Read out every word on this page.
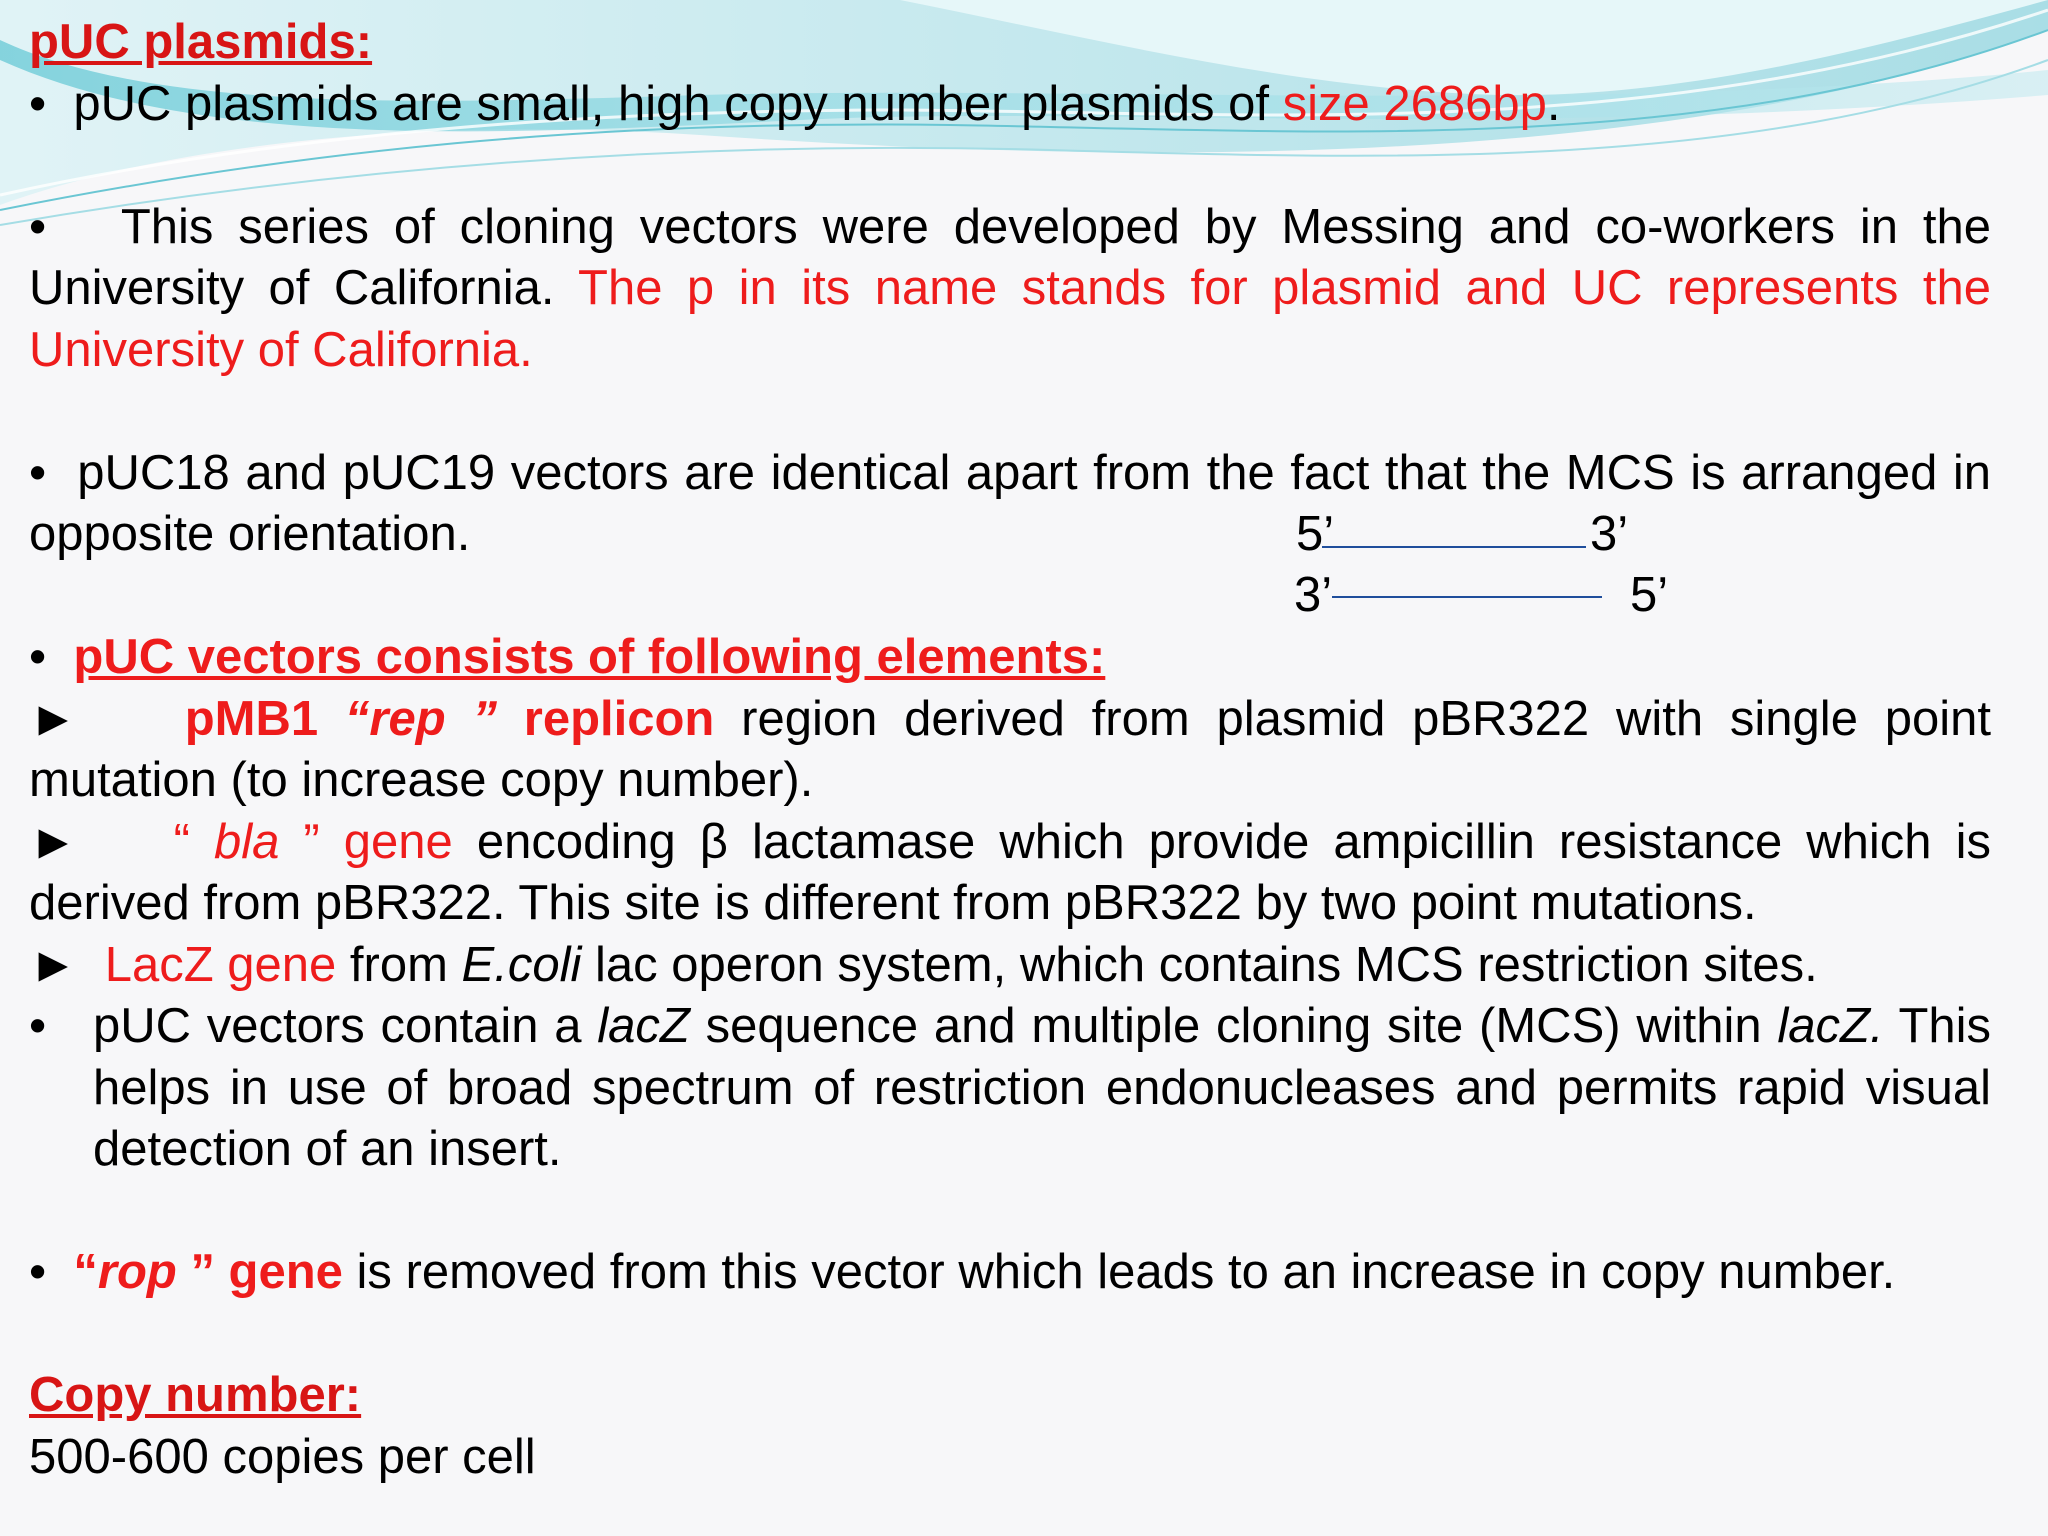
pUC plasmids:

• pUC plasmids are small, high copy number plasmids of size 2686bp.

• This series of cloning vectors were developed by Messing and co-workers in the University of California. The p in its name stands for plasmid and UC represents the University of California.

• pUC18 and pUC19 vectors are identical apart from the fact that the MCS is arranged in opposite orientation.

• pUC vectors consists of following elements:

► pMB1 “rep ” replicon region derived from plasmid pBR322 with single point mutation (to increase copy number).

► “ bla ” gene encoding β lactamase which provide ampicillin resistance which is derived from pBR322. This site is different from pBR322 by two point mutations.

► LacZ gene from E.coli lac operon system, which contains MCS restriction sites.

• pUC vectors contain a lacZ sequence and multiple cloning site (MCS) within lacZ. This helps in use of broad spectrum of restriction endonucleases and permits rapid visual detection of an insert.

• “rop ” gene is removed from this vector which leads to an increase in copy number.

Copy number:

500-600 copies per cell

5’	3’
3’	5’
